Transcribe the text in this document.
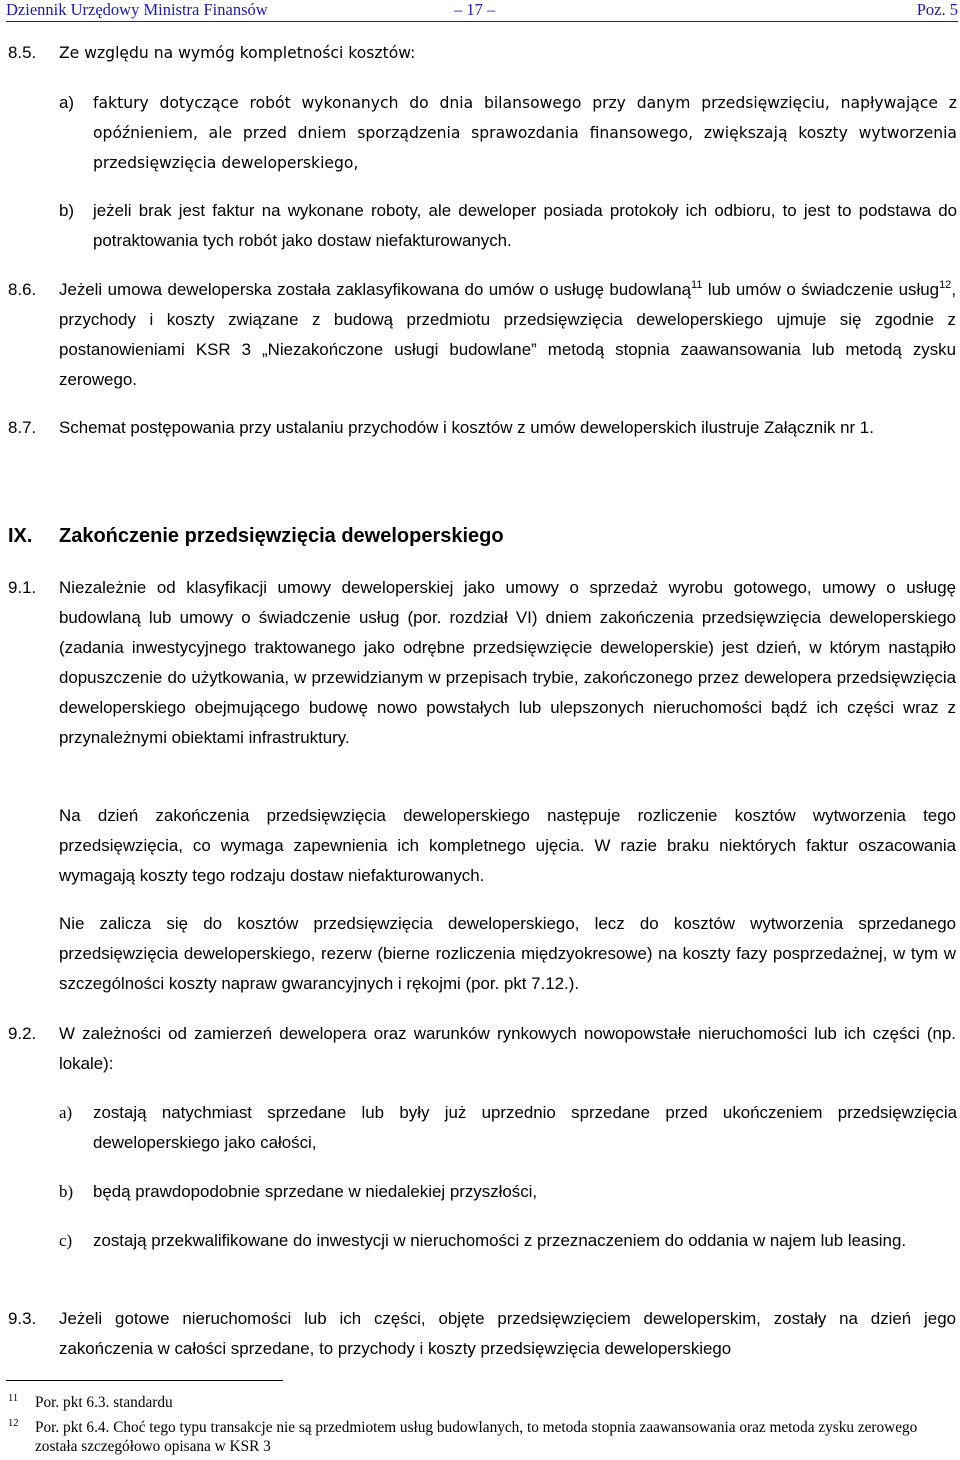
Dziennik Urzędowy Ministra Finansów	– 17 –	Poz. 5
8.5. Ze względu na wymóg kompletności kosztów:
a) faktury dotyczące robót wykonanych do dnia bilansowego przy danym przedsięwzięciu, napływające z opóźnieniem, ale przed dniem sporządzenia sprawozdania finansowego, zwiększają koszty wytworzenia przedsięwzięcia deweloperskiego,
b) jeżeli brak jest faktur na wykonane roboty, ale deweloper posiada protokoły ich odbioru, to jest to podstawa do potraktowania tych robót jako dostaw niefakturowanych.
8.6. Jeżeli umowa deweloperska została zaklasyfikowana do umów o usługę budowlaną$^{11}$ lub umów o świadczenie usług$^{12}$, przychody i koszty związane z budową przedmiotu przedsięwzięcia deweloperskiego ujmuje się zgodnie z postanowieniami KSR 3 „Niezakończone usługi budowlane” metodą stopnia zaawansowania lub metodą zysku zerowego.
8.7. Schemat postępowania przy ustalaniu przychodów i kosztów z umów deweloperskich ilustruje Załącznik nr 1.
IX. Zakończenie przedsięwzięcia deweloperskiego
9.1. Niezależnie od klasyfikacji umowy deweloperskiej jako umowy o sprzedaż wyrobu gotowego, umowy o usługę budowlaną lub umowy o świadczenie usług (por. rozdział VI) dniem zakończenia przedsięwzięcia deweloperskiego (zadania inwestycyjnego traktowanego jako odrębne przedsięwzięcie deweloperskie) jest dzień, w którym nastąpiło dopuszczenie do użytkowania, w przewidzianym w przepisach trybie, zakończonego przez dewelopera przedsięwzięcia deweloperskiego obejmującego budowę nowo powstałych lub ulepszonych nieruchomości bądź ich części wraz z przynależnymi obiektami infrastruktury.
Na dzień zakończenia przedsięwzięcia deweloperskiego następuje rozliczenie kosztów wytworzenia tego przedsięwzięcia, co wymaga zapewnienia ich kompletnego ujęcia. W razie braku niektórych faktur oszacowania wymagają koszty tego rodzaju dostaw niefakturowanych.
Nie zalicza się do kosztów przedsięwzięcia deweloperskiego, lecz do kosztów wytworzenia sprzedanego przedsięwzięcia deweloperskiego, rezerw (bierne rozliczenia międzyokresowe) na koszty fazy posprzedażnej, w tym w szczególności koszty napraw gwarancyjnych i rękojmi (por. pkt 7.12.).
9.2. W zależności od zamierzeń dewelopera oraz warunków rynkowych nowopowstałe nieruchomości lub ich części (np. lokale):
a) zostają natychmiast sprzedane lub były już uprzednio sprzedane przed ukończeniem przedsięwzięcia deweloperskiego jako całości,
b) będą prawdopodobnie sprzedane w niedalekiej przyszłości,
c) zostają przekwalifikowane do inwestycji w nieruchomości z przeznaczeniem do oddania w najem lub leasing.
9.3. Jeżeli gotowe nieruchomości lub ich części, objęte przedsięwzięciem deweloperskim, zostały na dzień jego zakończenia w całości sprzedane, to przychody i koszty przedsięwzięcia deweloperskiego
11 Por. pkt 6.3. standardu
12 Por. pkt 6.4. Choć tego typu transakcje nie są przedmiotem usług budowlanych, to metoda stopnia zaawansowania oraz metoda zysku zerowego została szczegółowo opisana w KSR 3
